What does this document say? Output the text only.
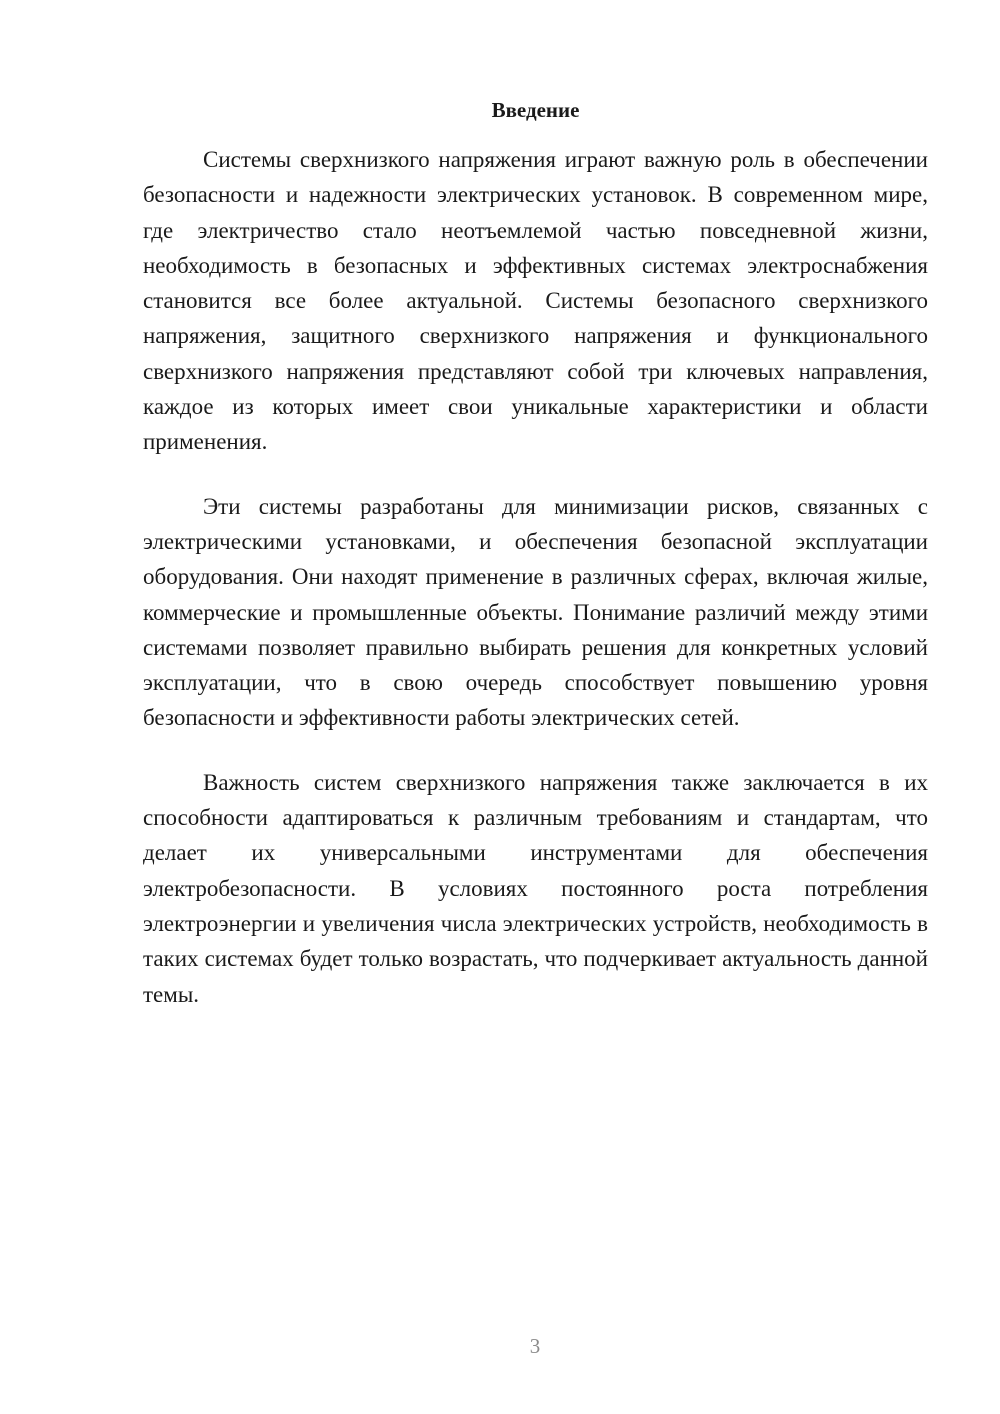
Введение

Системы сверхнизкого напряжения играют важную роль в обеспечении безопасности и надежности электрических установок. В современном мире, где электричество стало неотъемлемой частью повседневной жизни, необходимость в безопасных и эффективных системах электроснабжения становится все более актуальной. Системы безопасного сверхнизкого напряжения, защитного сверхнизкого напряжения и функционального сверхнизкого напряжения представляют собой три ключевых направления, каждое из которых имеет свои уникальные характеристики и области применения.

Эти системы разработаны для минимизации рисков, связанных с электрическими установками, и обеспечения безопасной эксплуатации оборудования. Они находят применение в различных сферах, включая жилые, коммерческие и промышленные объекты. Понимание различий между этими системами позволяет правильно выбирать решения для конкретных условий эксплуатации, что в свою очередь способствует повышению уровня безопасности и эффективности работы электрических сетей.

Важность систем сверхнизкого напряжения также заключается в их способности адаптироваться к различным требованиям и стандартам, что делает их универсальными инструментами для обеспечения электробезопасности. В условиях постоянного роста потребления электроэнергии и увеличения числа электрических устройств, необходимость в таких системах будет только возрастать, что подчеркивает актуальность данной темы.

3
